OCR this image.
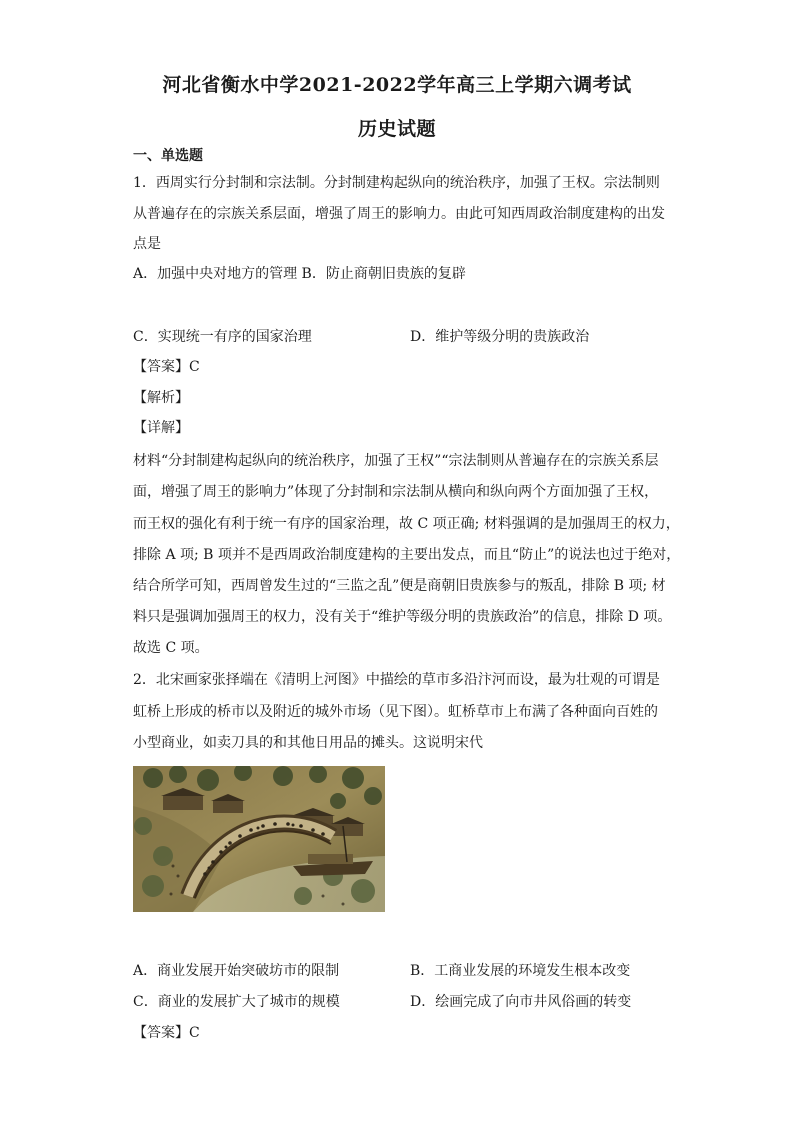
河北省衡水中学2021-2022学年高三上学期六调考试
历史试题
一、单选题
1．西周实行分封制和宗法制。分封制建构起纵向的统治秩序，加强了王权。宗法制则
从普遍存在的宗族关系层面，增强了周王的影响力。由此可知西周政治制度建构的出发
点是
A．加强中央对地方的管理 B．防止商朝旧贵族的复辟
C．实现统一有序的国家治理	D．维护等级分明的贵族政治
【答案】C
【解析】
【详解】
材料“分封制建构起纵向的统治秩序，加强了王权”“宗法制则从普遍存在的宗族关系层
面，增强了周王的影响力”体现了分封制和宗法制从横向和纵向两个方面加强了王权，
而王权的强化有利于统一有序的国家治理，故 C 项正确; 材料强调的是加强周王的权力，
排除 A 项; B 项并不是西周政治制度建构的主要出发点，而且“防止”的说法也过于绝对，
结合所学可知，西周曾发生过的“三监之乱”便是商朝旧贵族参与的叛乱，排除 B 项; 材
料只是强调加强周王的权力，没有关于“维护等级分明的贵族政治”的信息，排除 D 项。
故选 C 项。
2．北宋画家张择端在《清明上河图》中描绘的草市多沿汴河而设，最为壮观的可谓是
虹桥上形成的桥市以及附近的城外市场（见下图）。虹桥草市上布满了各种面向百姓的
小型商业，如卖刀具的和其他日用品的摊头。这说明宋代
A．商业发展开始突破坊市的限制	B．工商业发展的环境发生根本改变
C．商业的发展扩大了城市的规模	D．绘画完成了向市井风俗画的转变
【答案】C
